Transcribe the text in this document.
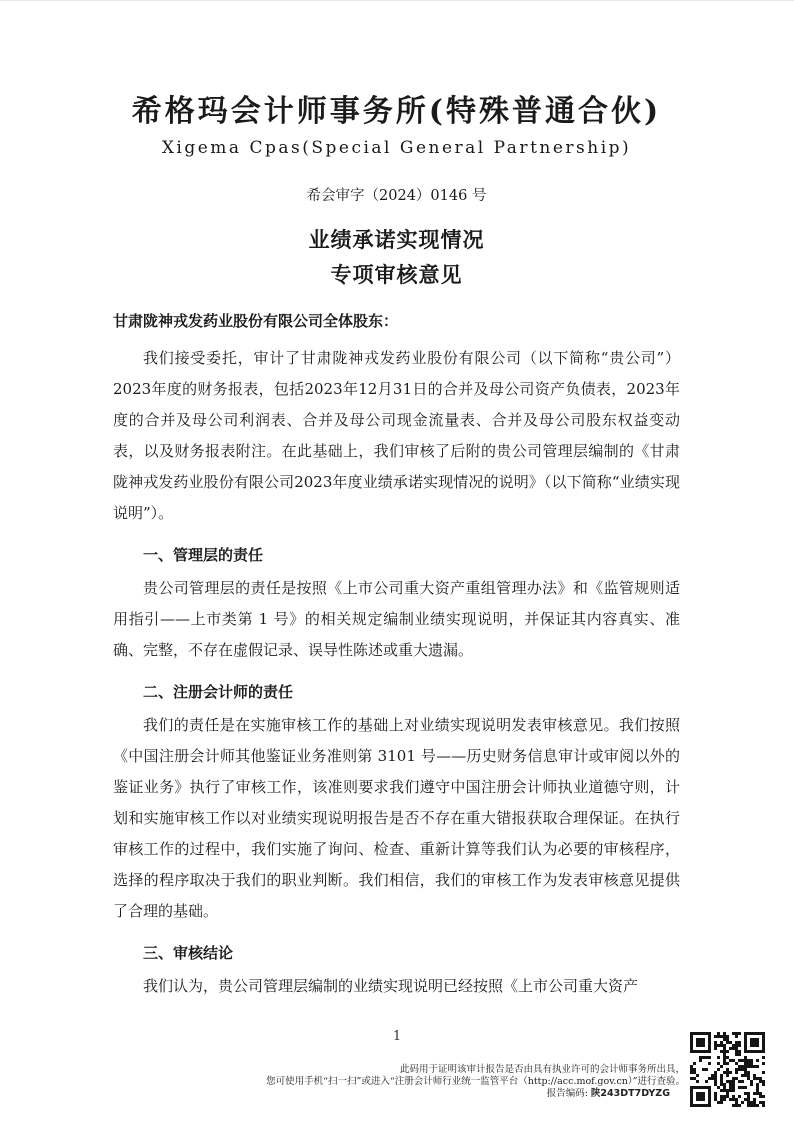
希格玛会计师事务所(特殊普通合伙)
Xigema Cpas(Special General Partnership)
希会审字（2024）0146 号
业绩承诺实现情况
专项审核意见
甘肃陇神戎发药业股份有限公司全体股东：

我们接受委托，审计了甘肃陇神戎发药业股份有限公司（以下简称“贵公司”）2023年度的财务报表，包括2023年12月31日的合并及母公司资产负债表，2023年度的合并及母公司利润表、合并及母公司现金流量表、合并及母公司股东权益变动表，以及财务报表附注。在此基础上，我们审核了后附的贵公司管理层编制的《甘肃陇神戎发药业股份有限公司2023年度业绩承诺实现情况的说明》（以下简称“业绩实现说明”）。

一、管理层的责任

贵公司管理层的责任是按照《上市公司重大资产重组管理办法》和《监管规则适用指引——上市类第 1 号》的相关规定编制业绩实现说明，并保证其内容真实、准确、完整，不存在虚假记录、误导性陈述或重大遗漏。

二、注册会计师的责任

我们的责任是在实施审核工作的基础上对业绩实现说明发表审核意见。我们按照《中国注册会计师其他鉴证业务准则第 3101 号——历史财务信息审计或审阅以外的鉴证业务》执行了审核工作，该准则要求我们遵守中国注册会计师执业道德守则，计划和实施审核工作以对业绩实现说明报告是否不存在重大错报获取合理保证。在执行审核工作的过程中，我们实施了询问、检查、重新计算等我们认为必要的审核程序，选择的程序取决于我们的职业判断。我们相信，我们的审核工作为发表审核意见提供了合理的基础。

三、审核结论

我们认为，贵公司管理层编制的业绩实现说明已经按照《上市公司重大资产

1
此码用于证明该审计报告是否由具有执业许可的会计师事务所出具，
您可使用手机“扫一扫”或进入“注册会计师行业统一监管平台（http://acc.mof.gov.cn）”进行查验。
报告编码: 陕243DT7DYZG
